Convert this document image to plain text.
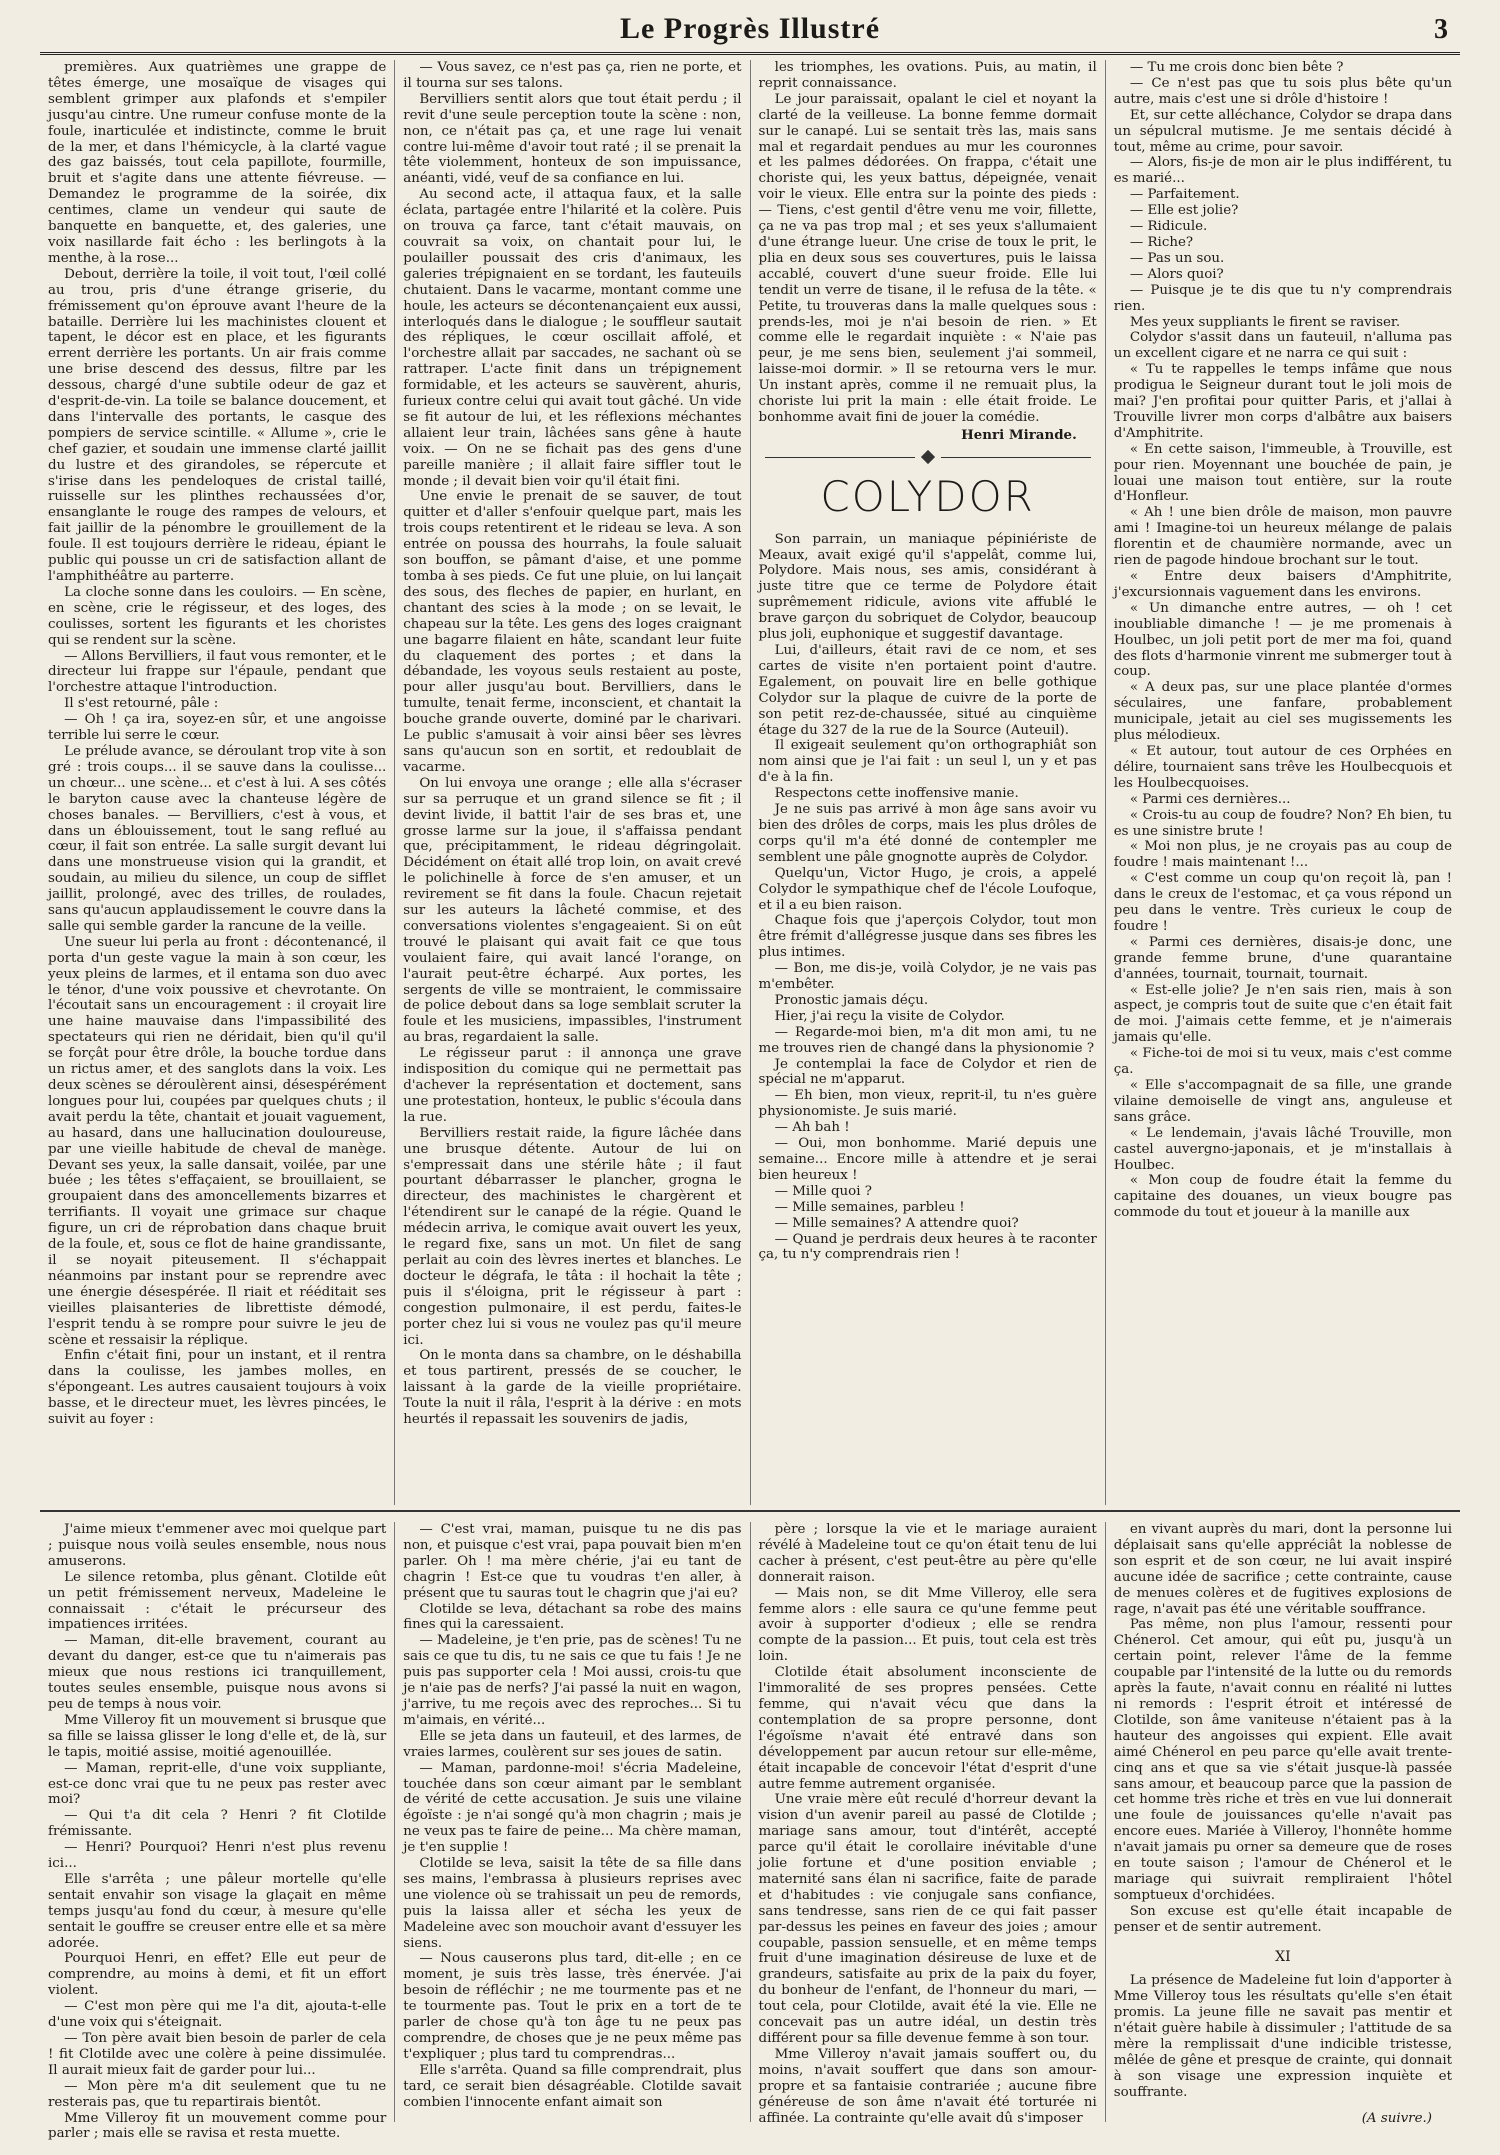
Le Progrès Illustré	3

premières. Aux quatrièmes une grappe de têtes émerge, une mosaïque de visages qui semblent grimper aux plafonds et s'empiler jusqu'au cintre. Une rumeur confuse monte de la foule, inarticulée et indistincte, comme le bruit de la mer, et dans l'hémicycle, à la clarté vague des gaz baissés, tout cela papillote, fourmille, bruit et s'agite dans une attente fiévreuse. — Demandez le programme de la soirée, dix centimes, clame un vendeur qui saute de banquette en banquette, et, des galeries, une voix nasillarde fait écho : les berlingots à la menthe, à la rose...

Debout, derrière la toile, il voit tout, l'œil collé au trou, pris d'une étrange griserie, du frémissement qu'on éprouve avant l'heure de la bataille. Derrière lui les machinistes clouent et tapent, le décor est en place, et les figurants errent derrière les portants. Un air frais comme une brise descend des dessus, filtre par les dessous, chargé d'une subtile odeur de gaz et d'esprit-de-vin. La toile se balance doucement, et dans l'intervalle des portants, le casque des pompiers de service scintille. « Allume », crie le chef gazier, et soudain une immense clarté jaillit du lustre et des girandoles, se répercute et s'irise dans les pendeloques de cristal taillé, ruisselle sur les plinthes rechaussées d'or, ensanglante le rouge des rampes de velours, et fait jaillir de la pénombre le grouillement de la foule. Il est toujours derrière le rideau, épiant le public qui pousse un cri de satisfaction allant de l'amphithéâtre au parterre.

La cloche sonne dans les couloirs. — En scène, en scène, crie le régisseur, et des loges, des coulisses, sortent les figurants et les choristes qui se rendent sur la scène.

— Allons Bervilliers, il faut vous remonter, et le directeur lui frappe sur l'épaule, pendant que l'orchestre attaque l'introduction.

Il s'est retourné, pâle :

— Oh ! ça ira, soyez-en sûr, et une angoisse terrible lui serre le cœur.

Le prélude avance, se déroulant trop vite à son gré : trois coups... il se sauve dans la coulisse... un chœur... une scène... et c'est à lui. A ses côtés le baryton cause avec la chanteuse légère de choses banales. — Bervilliers, c'est à vous, et dans un éblouissement, tout le sang reflué au cœur, il fait son entrée. La salle surgit devant lui dans une monstrueuse vision qui la grandit, et soudain, au milieu du silence, un coup de sifflet jaillit, prolongé, avec des trilles, de roulades, sans qu'aucun applaudissement le couvre dans la salle qui semble garder la rancune de la veille.

Une sueur lui perla au front : décontenancé, il porta d'un geste vague la main à son cœur, les yeux pleins de larmes, et il entama son duo avec le ténor, d'une voix poussive et chevrotante. On l'écoutait sans un encouragement : il croyait lire une haine mauvaise dans l'impassibilité des spectateurs qui rien ne déridait, bien qu'il qu'il se forçât pour être drôle, la bouche tordue dans un rictus amer, et des sanglots dans la voix. Les deux scènes se déroulèrent ainsi, désespérément longues pour lui, coupées par quelques chuts ; il avait perdu la tête, chantait et jouait vaguement, au hasard, dans une hallucination douloureuse, par une vieille habitude de cheval de manège. Devant ses yeux, la salle dansait, voilée, par une buée ; les têtes s'effaçaient, se brouillaient, se groupaient dans des amoncellements bizarres et terrifiants. Il voyait une grimace sur chaque figure, un cri de réprobation dans chaque bruit de la foule, et, sous ce flot de haine grandissante, il se noyait piteusement. Il s'échappait néanmoins par instant pour se reprendre avec une énergie désespérée. Il riait et rééditait ses vieilles plaisanteries de librettiste démodé, l'esprit tendu à se rompre pour suivre le jeu de scène et ressaisir la réplique.

Enfin c'était fini, pour un instant, et il rentra dans la coulisse, les jambes molles, en s'épongeant. Les autres causaient toujours à voix basse, et le directeur muet, les lèvres pincées, le suivit au foyer :

— Vous savez, ce n'est pas ça, rien ne porte, et il tourna sur ses talons.

Bervilliers sentit alors que tout était perdu ; il revit d'une seule perception toute la scène : non, non, ce n'était pas ça, et une rage lui venait contre lui-même d'avoir tout raté ; il se prenait la tête violemment, honteux de son impuissance, anéanti, vidé, veuf de sa confiance en lui.

Au second acte, il attaqua faux, et la salle éclata, partagée entre l'hilarité et la colère. Puis on trouva ça farce, tant c'était mauvais, on couvrait sa voix, on chantait pour lui, le poulailler poussait des cris d'animaux, les galeries trépignaient en se tordant, les fauteuils chutaient. Dans le vacarme, montant comme une houle, les acteurs se décontenançaient eux aussi, interloqués dans le dialogue ; le souffleur sautait des répliques, le cœur oscillait affolé, et l'orchestre allait par saccades, ne sachant où se rattraper. L'acte finit dans un trépignement formidable, et les acteurs se sauvèrent, ahuris, furieux contre celui qui avait tout gâché. Un vide se fit autour de lui, et les réflexions méchantes allaient leur train, lâchées sans gêne à haute voix. — On ne se fichait pas des gens d'une pareille manière ; il allait faire siffler tout le monde ; il devait bien voir qu'il était fini.

Une envie le prenait de se sauver, de tout quitter et d'aller s'enfouir quelque part, mais les trois coups retentirent et le rideau se leva. A son entrée on poussa des hourrahs, la foule saluait son bouffon, se pâmant d'aise, et une pomme tomba à ses pieds. Ce fut une pluie, on lui lançait des sous, des fleches de papier, en hurlant, en chantant des scies à la mode ; on se levait, le chapeau sur la tête. Les gens des loges craignant une bagarre filaient en hâte, scandant leur fuite du claquement des portes ; et dans la débandade, les voyous seuls restaient au poste, pour aller jusqu'au bout. Bervilliers, dans le tumulte, tenait ferme, inconscient, et chantait la bouche grande ouverte, dominé par le charivari. Le public s'amusait à voir ainsi bêer ses lèvres sans qu'aucun son en sortit, et redoublait de vacarme.

On lui envoya une orange ; elle alla s'écraser sur sa perruque et un grand silence se fit ; il devint livide, il battit l'air de ses bras et, une grosse larme sur la joue, il s'affaissa pendant que, précipitamment, le rideau dégringolait. Décidément on était allé trop loin, on avait crevé le polichinelle à force de s'en amuser, et un revirement se fit dans la foule. Chacun rejetait sur les auteurs la lâcheté commise, et des conversations violentes s'engageaient. Si on eût trouvé le plaisant qui avait fait ce que tous voulaient faire, qui avait lancé l'orange, on l'aurait peut-être écharpé. Aux portes, les sergents de ville se montraient, le commissaire de police debout dans sa loge semblait scruter la foule et les musiciens, impassibles, l'instrument au bras, regardaient la salle.

Le régisseur parut : il annonça une grave indisposition du comique qui ne permettait pas d'achever la représentation et doctement, sans une protestation, honteux, le public s'écoula dans la rue.

Bervilliers restait raide, la figure lâchée dans une brusque détente. Autour de lui on s'empressait dans une stérile hâte ; il faut pourtant débarrasser le plancher, grogna le directeur, des machinistes le chargèrent et l'étendirent sur le canapé de la régie. Quand le médecin arriva, le comique avait ouvert les yeux, le regard fixe, sans un mot. Un filet de sang perlait au coin des lèvres inertes et blanches. Le docteur le dégrafa, le tâta : il hochait la tête ; puis il s'éloigna, prit le régisseur à part : congestion pulmonaire, il est perdu, faites-le porter chez lui si vous ne voulez pas qu'il meure ici.

On le monta dans sa chambre, on le déshabilla et tous partirent, pressés de se coucher, le laissant à la garde de la vieille propriétaire. Toute la nuit il râla, l'esprit à la dérive : en mots heurtés il repassait les souvenirs de jadis,

les triomphes, les ovations. Puis, au matin, il reprit connaissance.

Le jour paraissait, opalant le ciel et noyant la clarté de la veilleuse. La bonne femme dormait sur le canapé. Lui se sentait très las, mais sans mal et regardait pendues au mur les couronnes et les palmes dédorées. On frappa, c'était une choriste qui, les yeux battus, dépeignée, venait voir le vieux. Elle entra sur la pointe des pieds : — Tiens, c'est gentil d'être venu me voir, fillette, ça ne va pas trop mal ; et ses yeux s'allumaient d'une étrange lueur. Une crise de toux le prit, le plia en deux sous ses couvertures, puis le laissa accablé, couvert d'une sueur froide. Elle lui tendit un verre de tisane, il le refusa de la tête. « Petite, tu trouveras dans la malle quelques sous : prends-les, moi je n'ai besoin de rien. » Et comme elle le regardait inquiète : « N'aie pas peur, je me sens bien, seulement j'ai sommeil, laisse-moi dormir. » Il se retourna vers le mur. Un instant après, comme il ne remuait plus, la choriste lui prit la main : elle était froide. Le bonhomme avait fini de jouer la comédie.

Henri Mirande.

COLYDOR

Son parrain, un maniaque pépiniériste de Meaux, avait exigé qu'il s'appelât, comme lui, Polydore. Mais nous, ses amis, considérant à juste titre que ce terme de Polydore était suprêmement ridicule, avions vite affublé le brave garçon du sobriquet de Colydor, beaucoup plus joli, euphonique et suggestif davantage.

Lui, d'ailleurs, était ravi de ce nom, et ses cartes de visite n'en portaient point d'autre. Egalement, on pouvait lire en belle gothique Colydor sur la plaque de cuivre de la porte de son petit rez-de-chaussée, situé au cinquième étage du 327 de la rue de la Source (Auteuil).

Il exigeait seulement qu'on orthographiât son nom ainsi que je l'ai fait : un seul l, un y et pas d'e à la fin.

Respectons cette inoffensive manie.

Je ne suis pas arrivé à mon âge sans avoir vu bien des drôles de corps, mais les plus drôles de corps qu'il m'a été donné de contempler me semblent une pâle gnognotte auprès de Colydor.

Quelqu'un, Victor Hugo, je crois, a appelé Colydor le sympathique chef de l'école Loufoque, et il a eu bien raison.

Chaque fois que j'aperçois Colydor, tout mon être frémit d'allégresse jusque dans ses fibres les plus intimes.

— Bon, me dis-je, voilà Colydor, je ne vais pas m'embêter.

Pronostic jamais déçu.

Hier, j'ai reçu la visite de Colydor.

— Regarde-moi bien, m'a dit mon ami, tu ne me trouves rien de changé dans la physionomie ?

Je contemplai la face de Colydor et rien de spécial ne m'apparut.

— Eh bien, mon vieux, reprit-il, tu n'es guère physionomiste. Je suis marié.

— Ah bah !

— Oui, mon bonhomme. Marié depuis une semaine... Encore mille à attendre et je serai bien heureux !

— Mille quoi ?

— Mille semaines, parbleu !

— Mille semaines? A attendre quoi?

— Quand je perdrais deux heures à te raconter ça, tu n'y comprendrais rien !

— Tu me crois donc bien bête ?

— Ce n'est pas que tu sois plus bête qu'un autre, mais c'est une si drôle d'histoire !

Et, sur cette alléchance, Colydor se drapa dans un sépulcral mutisme. Je me sentais décidé à tout, même au crime, pour savoir.

— Alors, fis-je de mon air le plus indifférent, tu es marié...

— Parfaitement.

— Elle est jolie?

— Ridicule.

— Riche?

— Pas un sou.

— Alors quoi?

— Puisque je te dis que tu n'y comprendrais rien.

Mes yeux suppliants le firent se raviser.

Colydor s'assit dans un fauteuil, n'alluma pas un excellent cigare et ne narra ce qui suit :

« Tu te rappelles le temps infâme que nous prodigua le Seigneur durant tout le joli mois de mai? J'en profitai pour quitter Paris, et j'allai à Trouville livrer mon corps d'albâtre aux baisers d'Amphitrite.

« En cette saison, l'immeuble, à Trouville, est pour rien. Moyennant une bouchée de pain, je louai une maison tout entière, sur la route d'Honfleur.

« Ah ! une bien drôle de maison, mon pauvre ami ! Imagine-toi un heureux mélange de palais florentin et de chaumière normande, avec un rien de pagode hindoue brochant sur le tout.

« Entre deux baisers d'Amphitrite, j'excursionnais vaguement dans les environs.

« Un dimanche entre autres, — oh ! cet inoubliable dimanche ! — je me promenais à Houlbec, un joli petit port de mer ma foi, quand des flots d'harmonie vinrent me submerger tout à coup.

« A deux pas, sur une place plantée d'ormes séculaires, une fanfare, probablement municipale, jetait au ciel ses mugissements les plus mélodieux.

« Et autour, tout autour de ces Orphées en délire, tournaient sans trêve les Houlbecquois et les Houlbecquoises.

« Parmi ces dernières...

« Crois-tu au coup de foudre? Non? Eh bien, tu es une sinistre brute !

« Moi non plus, je ne croyais pas au coup de foudre ! mais maintenant !...

« C'est comme un coup qu'on reçoit là, pan ! dans le creux de l'estomac, et ça vous répond un peu dans le ventre. Très curieux le coup de foudre !

« Parmi ces dernières, disais-je donc, une grande femme brune, d'une quarantaine d'années, tournait, tournait, tournait.

« Est-elle jolie? Je n'en sais rien, mais à son aspect, je compris tout de suite que c'en était fait de moi. J'aimais cette femme, et je n'aimerais jamais qu'elle.

« Fiche-toi de moi si tu veux, mais c'est comme ça.

« Elle s'accompagnait de sa fille, une grande vilaine demoiselle de vingt ans, anguleuse et sans grâce.

« Le lendemain, j'avais lâché Trouville, mon castel auvergno-japonais, et je m'installais à Houlbec.

« Mon coup de foudre était la femme du capitaine des douanes, un vieux bougre pas commode du tout et joueur à la manille aux

J'aime mieux t'emmener avec moi quelque part ; puisque nous voilà seules ensemble, nous nous amuserons.

Le silence retomba, plus gênant. Clotilde eût un petit frémissement nerveux, Madeleine le connaissait : c'était le précurseur des impatiences irritées.

— Maman, dit-elle bravement, courant au devant du danger, est-ce que tu n'aimerais pas mieux que nous restions ici tranquillement, toutes seules ensemble, puisque nous avons si peu de temps à nous voir.

Mme Villeroy fit un mouvement si brusque que sa fille se laissa glisser le long d'elle et, de là, sur le tapis, moitié assise, moitié agenouillée.

— Maman, reprit-elle, d'une voix suppliante, est-ce donc vrai que tu ne peux pas rester avec moi?

— Qui t'a dit cela ? Henri ? fit Clotilde frémissante.

— Henri? Pourquoi? Henri n'est plus revenu ici...

Elle s'arrêta ; une pâleur mortelle qu'elle sentait envahir son visage la glaçait en même temps jusqu'au fond du cœur, à mesure qu'elle sentait le gouffre se creuser entre elle et sa mère adorée.

Pourquoi Henri, en effet? Elle eut peur de comprendre, au moins à demi, et fit un effort violent.

— C'est mon père qui me l'a dit, ajouta-t-elle d'une voix qui s'éteignait.

— Ton père avait bien besoin de parler de cela ! fit Clotilde avec une colère à peine dissimulée. Il aurait mieux fait de garder pour lui...

— Mon père m'a dit seulement que tu ne resterais pas, que tu repartirais bientôt.

Mme Villeroy fit un mouvement comme pour parler ; mais elle se ravisa et resta muette.

— C'est vrai, maman, puisque tu ne dis pas non, et puisque c'est vrai, papa pouvait bien m'en parler. Oh ! ma mère chérie, j'ai eu tant de chagrin ! Est-ce que tu voudras t'en aller, à présent que tu sauras tout le chagrin que j'ai eu?

Clotilde se leva, détachant sa robe des mains fines qui la caressaient.

— Madeleine, je t'en prie, pas de scènes! Tu ne sais ce que tu dis, tu ne sais ce que tu fais ! Je ne puis pas supporter cela ! Moi aussi, crois-tu que je n'aie pas de nerfs? J'ai passé la nuit en wagon, j'arrive, tu me reçois avec des reproches... Si tu m'aimais, en vérité...

Elle se jeta dans un fauteuil, et des larmes, de vraies larmes, coulèrent sur ses joues de satin.

— Maman, pardonne-moi! s'écria Madeleine, touchée dans son cœur aimant par le semblant de vérité de cette accusation. Je suis une vilaine égoïste : je n'ai songé qu'à mon chagrin ; mais je ne veux pas te faire de peine... Ma chère maman, je t'en supplie !

Clotilde se leva, saisit la tête de sa fille dans ses mains, l'embrassa à plusieurs reprises avec une violence où se trahissait un peu de remords, puis la laissa aller et sécha les yeux de Madeleine avec son mouchoir avant d'essuyer les siens.

— Nous causerons plus tard, dit-elle ; en ce moment, je suis très lasse, très énervée. J'ai besoin de réfléchir ; ne me tourmente pas et ne te tourmente pas. Tout le prix en a tort de te parler de chose qu'à ton âge tu ne peux pas comprendre, de choses que je ne peux même pas t'expliquer ; plus tard tu comprendras...

Elle s'arrêta. Quand sa fille comprendrait, plus tard, ce serait bien désagréable. Clotilde savait combien l'innocente enfant aimait son

père ; lorsque la vie et le mariage auraient révélé à Madeleine tout ce qu'on était tenu de lui cacher à présent, c'est peut-être au père qu'elle donnerait raison.

— Mais non, se dit Mme Villeroy, elle sera femme alors : elle saura ce qu'une femme peut avoir à supporter d'odieux ; elle se rendra compte de la passion... Et puis, tout cela est très loin.

Clotilde était absolument inconsciente de l'immoralité de ses propres pensées. Cette femme, qui n'avait vécu que dans la contemplation de sa propre personne, dont l'égoïsme n'avait été entravé dans son développement par aucun retour sur elle-même, était incapable de concevoir l'état d'esprit d'une autre femme autrement organisée.

Une vraie mère eût reculé d'horreur devant la vision d'un avenir pareil au passé de Clotilde ; mariage sans amour, tout d'intérêt, accepté parce qu'il était le corollaire inévitable d'une jolie fortune et d'une position enviable ; maternité sans élan ni sacrifice, faite de parade et d'habitudes : vie conjugale sans confiance, sans tendresse, sans rien de ce qui fait passer par-dessus les peines en faveur des joies ; amour coupable, passion sensuelle, et en même temps fruit d'une imagination désireuse de luxe et de grandeurs, satisfaite au prix de la paix du foyer, du bonheur de l'enfant, de l'honneur du mari, — tout cela, pour Clotilde, avait été la vie. Elle ne concevait pas un autre idéal, un destin très différent pour sa fille devenue femme à son tour.

Mme Villeroy n'avait jamais souffert ou, du moins, n'avait souffert que dans son amour-propre et sa fantaisie contrariée ; aucune fibre généreuse de son âme n'avait été torturée ni affinée. La contrainte qu'elle avait dû s'imposer

en vivant auprès du mari, dont la personne lui déplaisait sans qu'elle appréciât la noblesse de son esprit et de son cœur, ne lui avait inspiré aucune idée de sacrifice ; cette contrainte, cause de menues colères et de fugitives explosions de rage, n'avait pas été une véritable souffrance.

Pas même, non plus l'amour, ressenti pour Chénerol. Cet amour, qui eût pu, jusqu'à un certain point, relever l'âme de la femme coupable par l'intensité de la lutte ou du remords après la faute, n'avait connu en réalité ni luttes ni remords : l'esprit étroit et intéressé de Clotilde, son âme vaniteuse n'étaient pas à la hauteur des angoisses qui expient. Elle avait aimé Chénerol en peu parce qu'elle avait trente-cinq ans et que sa vie s'était jusque-là passée sans amour, et beaucoup parce que la passion de cet homme très riche et très en vue lui donnerait une foule de jouissances qu'elle n'avait pas encore eues. Mariée à Villeroy, l'honnête homme n'avait jamais pu orner sa demeure que de roses en toute saison ; l'amour de Chénerol et le mariage qui suivrait rempliraient l'hôtel somptueux d'orchidées.

Son excuse est qu'elle était incapable de penser et de sentir autrement.

XI

La présence de Madeleine fut loin d'apporter à Mme Villeroy tous les résultats qu'elle s'en était promis. La jeune fille ne savait pas mentir et n'était guère habile à dissimuler ; l'attitude de sa mère la remplissait d'une indicible tristesse, mêlée de gêne et presque de crainte, qui donnait à son visage une expression inquiète et souffrante.

(A suivre.)
